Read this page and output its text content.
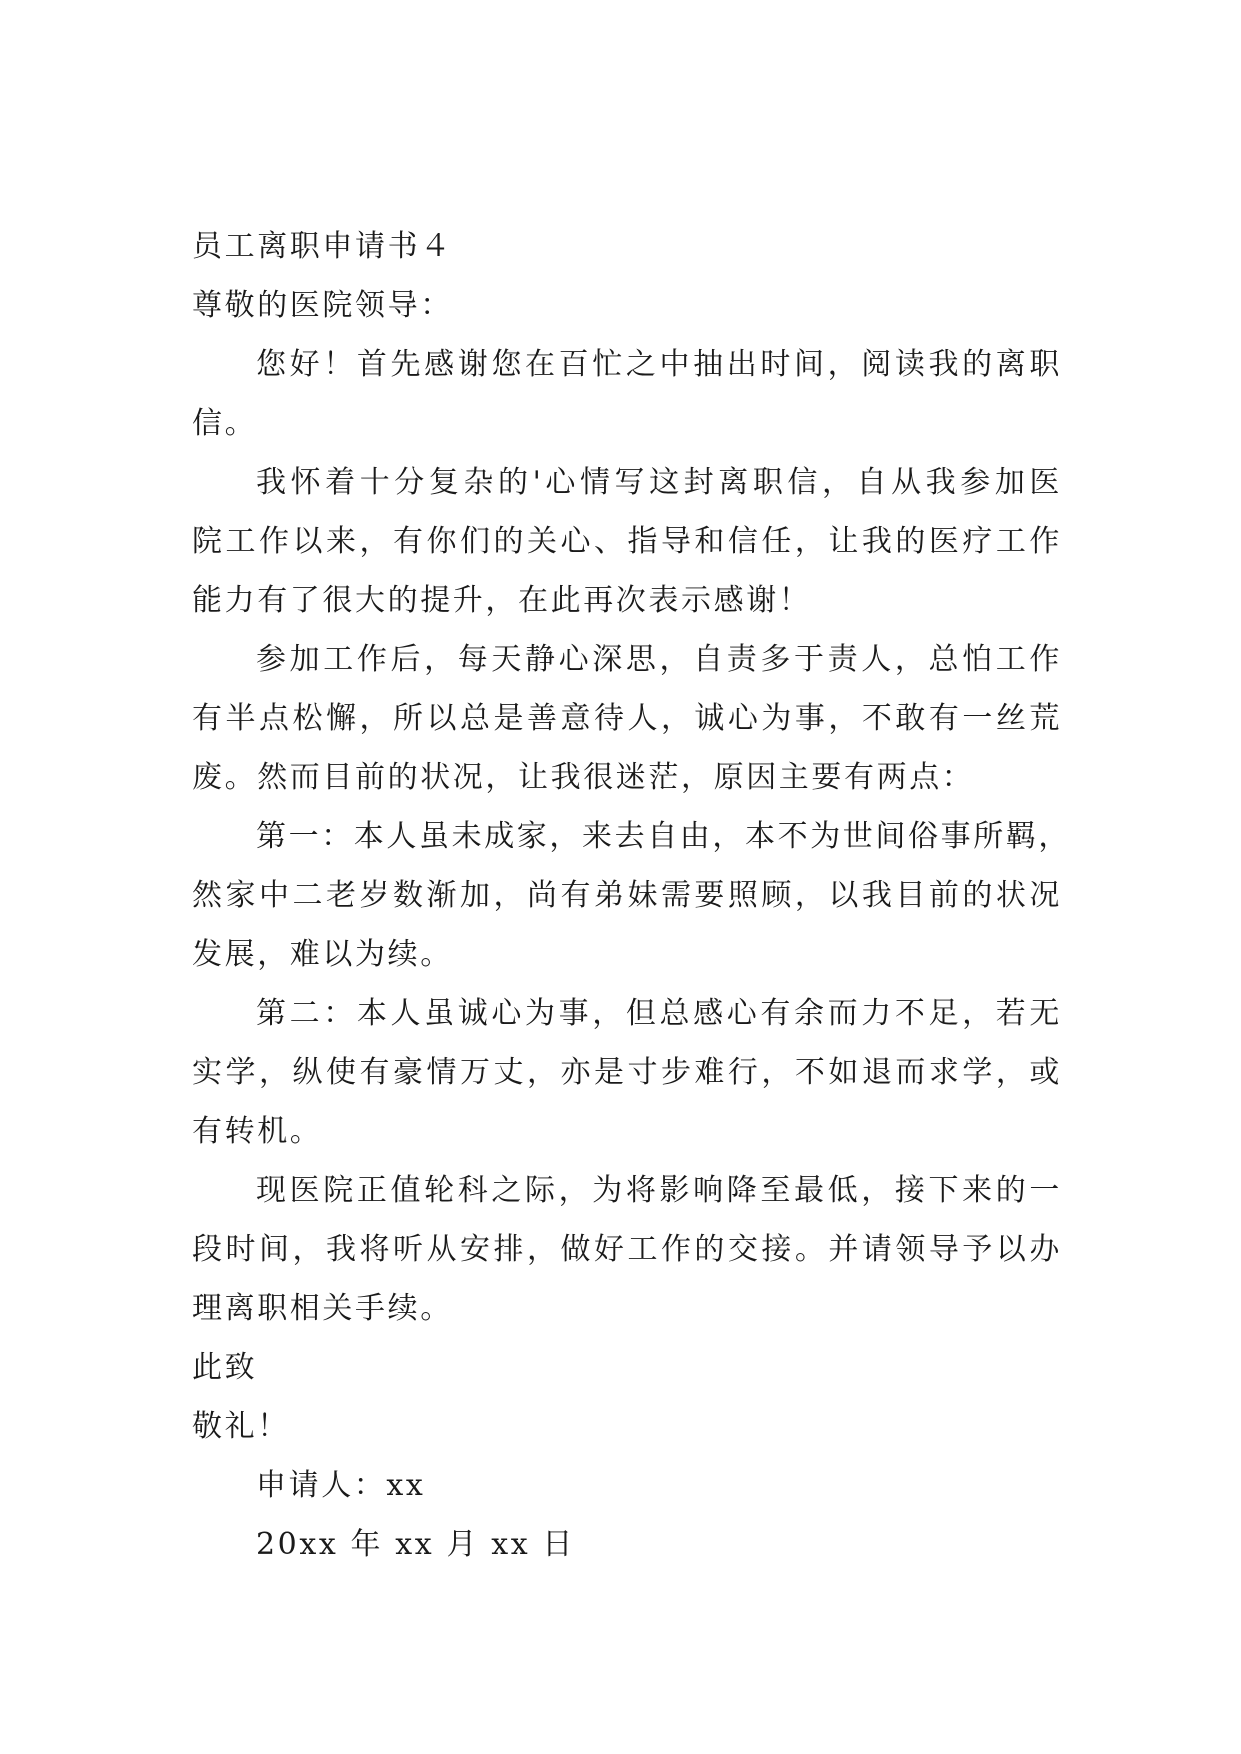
员工离职申请书４
尊敬的医院领导：
您好！首先感谢您在百忙之中抽出时间，阅读我的离职
信。
我怀着十分复杂的'心情写这封离职信，自从我参加医
院工作以来，有你们的关心、指导和信任，让我的医疗工作
能力有了很大的提升，在此再次表示感谢！
参加工作后，每天静心深思，自责多于责人，总怕工作
有半点松懈，所以总是善意待人，诚心为事，不敢有一丝荒
废。然而目前的状况，让我很迷茫，原因主要有两点：
第一：本人虽未成家，来去自由，本不为世间俗事所羁，
然家中二老岁数渐加，尚有弟妹需要照顾，以我目前的状况
发展，难以为续。
第二：本人虽诚心为事，但总感心有余而力不足，若无
实学，纵使有豪情万丈，亦是寸步难行，不如退而求学，或
有转机。
现医院正值轮科之际，为将影响降至最低，接下来的一
段时间，我将听从安排，做好工作的交接。并请领导予以办
理离职相关手续。
此致
敬礼！
申请人：xx
20xx 年 xx 月 xx 日
